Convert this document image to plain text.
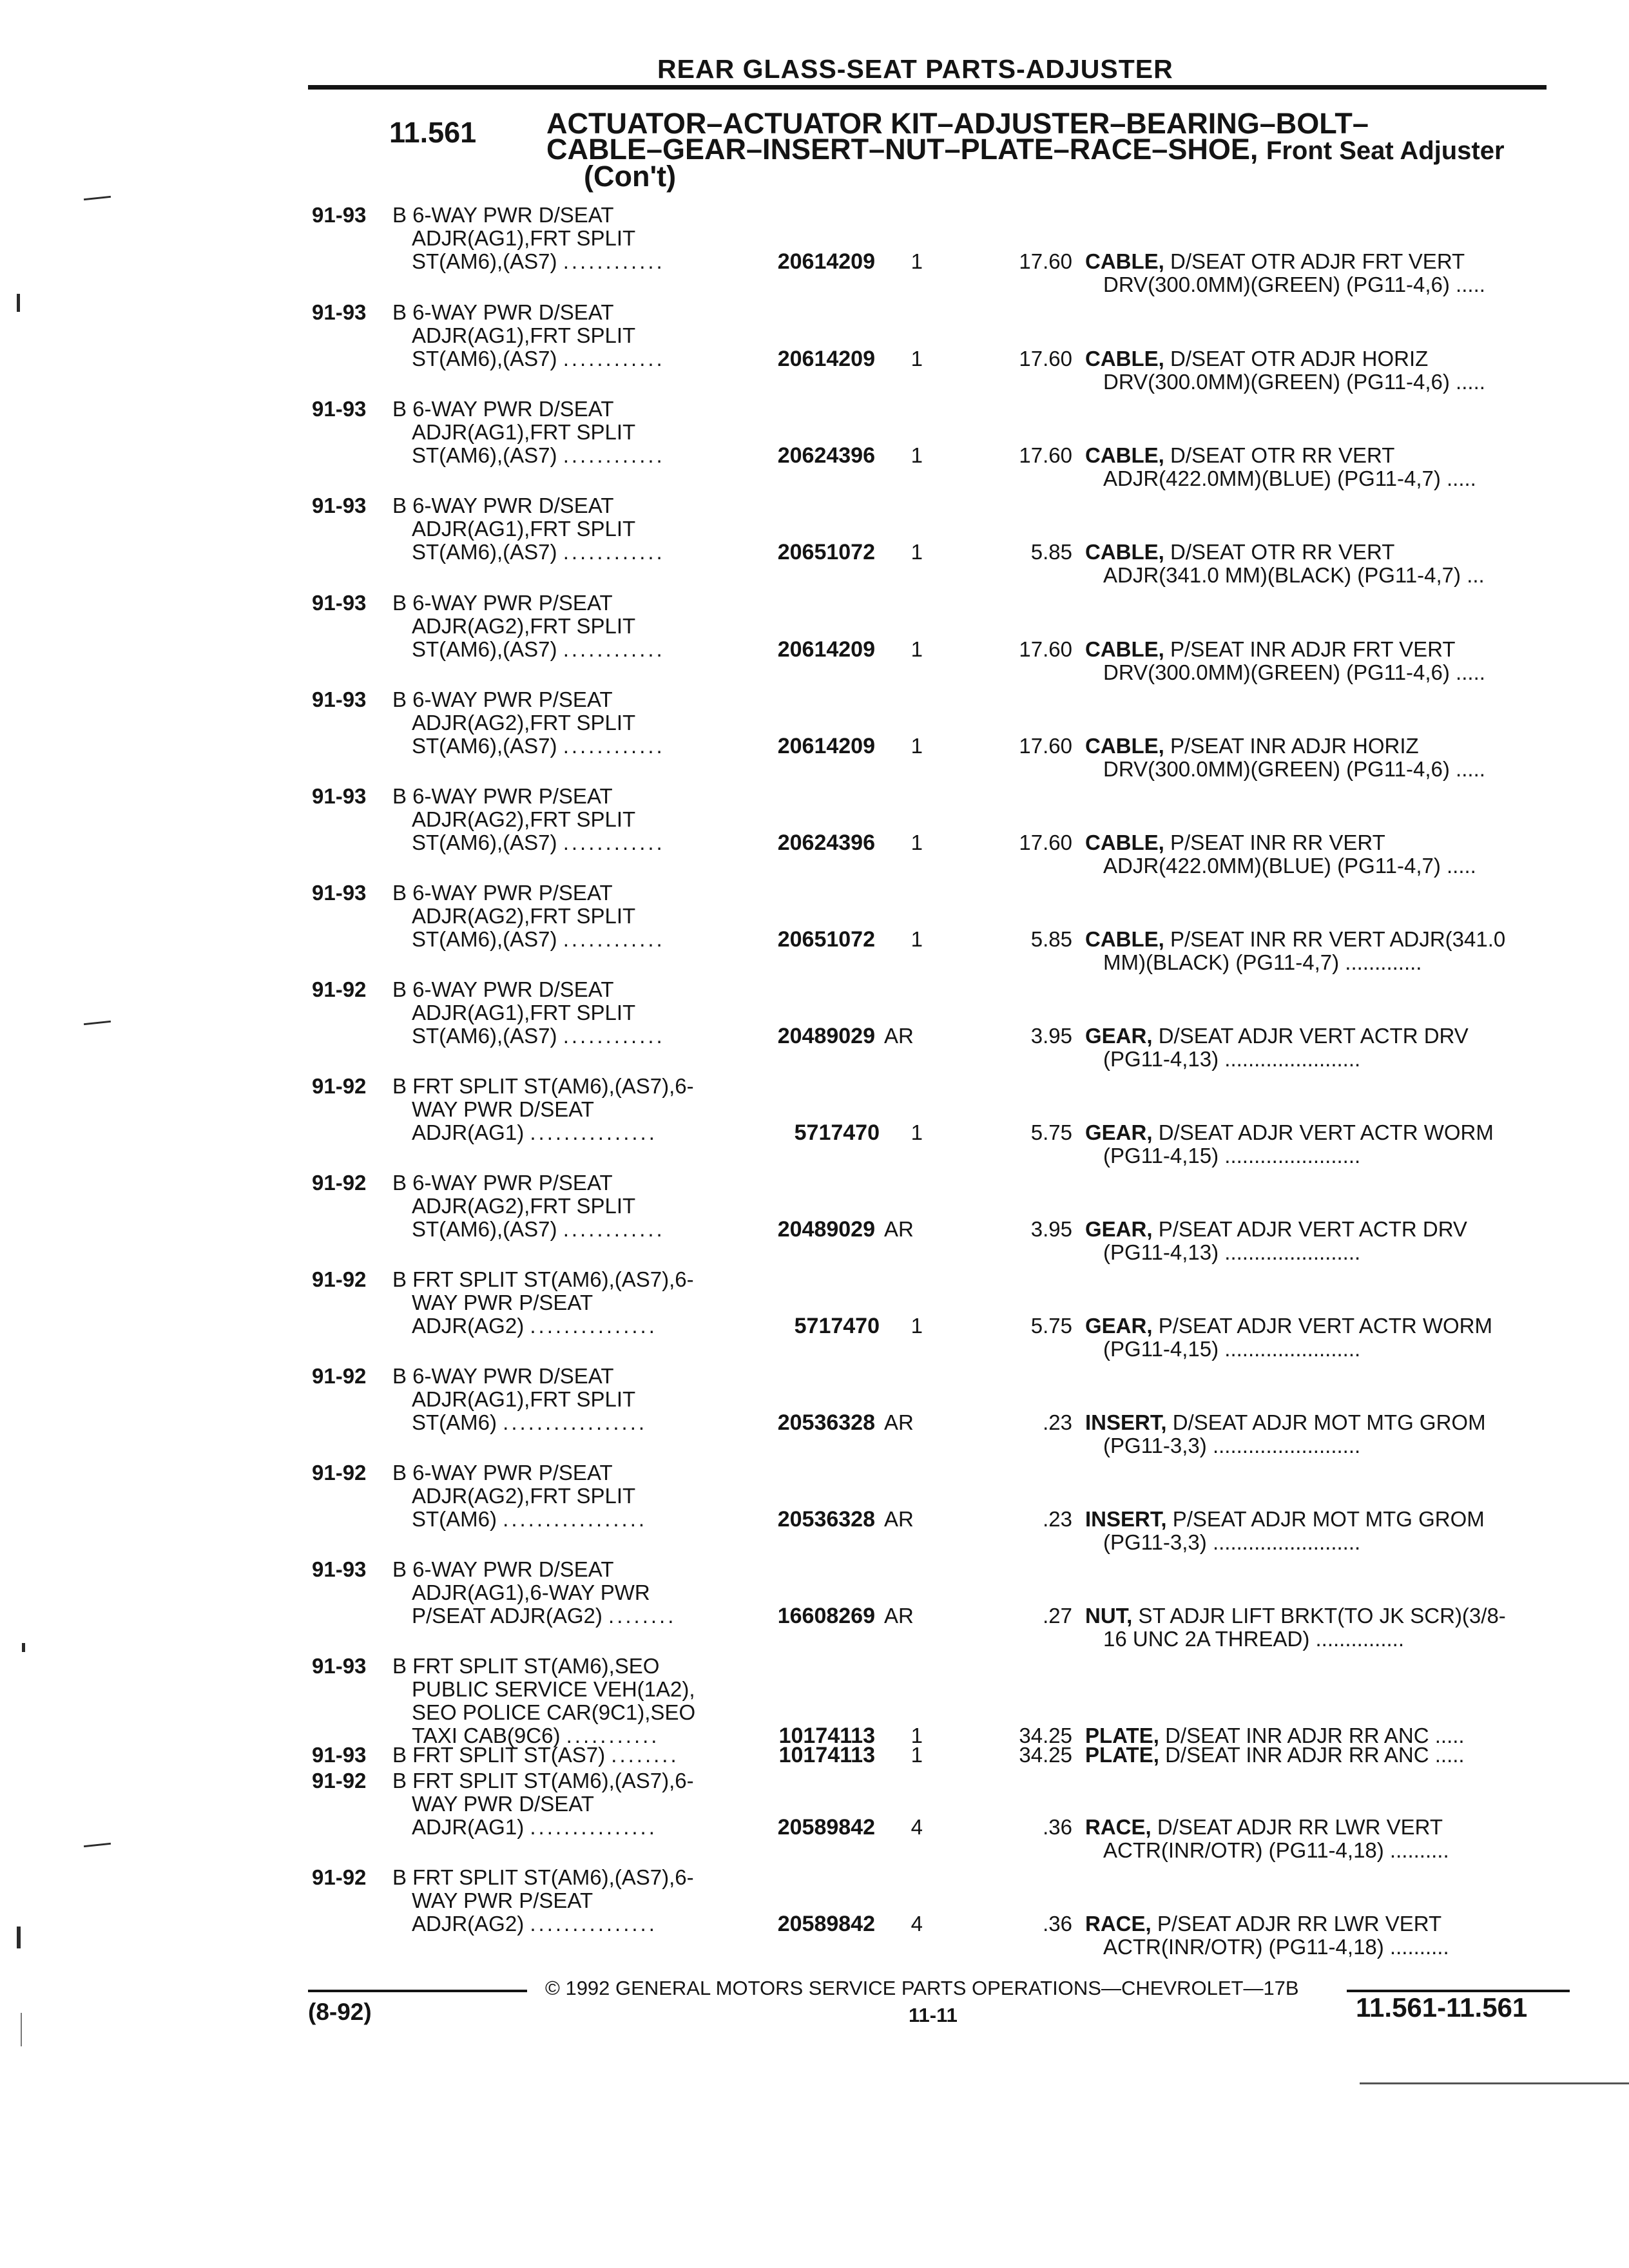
REAR GLASS-SEAT PARTS-ADJUSTER
11.561 ACTUATOR–ACTUATOR KIT–ADJUSTER–BEARING–BOLT–
CABLE–GEAR–INSERT–NUT–PLATE–RACE–SHOE, Front Seat Adjuster
(Con't)
91-93 B 6-WAY PWR D/SEAT
ADJR(AG1),FRT SPLIT
ST(AM6),(AS7) ............	20614209	1	17.60 CABLE, D/SEAT OTR ADJR FRT VERT
DRV(300.0MM)(GREEN) (PG11-4,6) .....
91-93 B 6-WAY PWR D/SEAT
ADJR(AG1),FRT SPLIT
ST(AM6),(AS7) ............	20614209	1	17.60 CABLE, D/SEAT OTR ADJR HORIZ
DRV(300.0MM)(GREEN) (PG11-4,6) .....
91-93 B 6-WAY PWR D/SEAT
ADJR(AG1),FRT SPLIT
ST(AM6),(AS7) ............	20624396	1	17.60 CABLE, D/SEAT OTR RR VERT
ADJR(422.0MM)(BLUE) (PG11-4,7) .....
91-93 B 6-WAY PWR D/SEAT
ADJR(AG1),FRT SPLIT
ST(AM6),(AS7) ............	20651072	1	5.85 CABLE, D/SEAT OTR RR VERT
ADJR(341.0 MM)(BLACK) (PG11-4,7) ...
91-93 B 6-WAY PWR P/SEAT
ADJR(AG2),FRT SPLIT
ST(AM6),(AS7) ............	20614209	1	17.60 CABLE, P/SEAT INR ADJR FRT VERT
DRV(300.0MM)(GREEN) (PG11-4,6) .....
91-93 B 6-WAY PWR P/SEAT
ADJR(AG2),FRT SPLIT
ST(AM6),(AS7) ............	20614209	1	17.60 CABLE, P/SEAT INR ADJR HORIZ
DRV(300.0MM)(GREEN) (PG11-4,6) .....
91-93 B 6-WAY PWR P/SEAT
ADJR(AG2),FRT SPLIT
ST(AM6),(AS7) ............	20624396	1	17.60 CABLE, P/SEAT INR RR VERT
ADJR(422.0MM)(BLUE) (PG11-4,7) .....
91-93 B 6-WAY PWR P/SEAT
ADJR(AG2),FRT SPLIT
ST(AM6),(AS7) ............	20651072	1	5.85 CABLE, P/SEAT INR RR VERT ADJR(341.0
MM)(BLACK) (PG11-4,7) .............
91-92 B 6-WAY PWR D/SEAT
ADJR(AG1),FRT SPLIT
ST(AM6),(AS7) ............	20489029 AR	3.95 GEAR, D/SEAT ADJR VERT ACTR DRV
(PG11-4,13) .......................
91-92 B FRT SPLIT ST(AM6),(AS7),6-
WAY PWR D/SEAT
ADJR(AG1) ...............	5717470	1	5.75 GEAR, D/SEAT ADJR VERT ACTR WORM
(PG11-4,15) .......................
91-92 B 6-WAY PWR P/SEAT
ADJR(AG2),FRT SPLIT
ST(AM6),(AS7) ............	20489029 AR	3.95 GEAR, P/SEAT ADJR VERT ACTR DRV
(PG11-4,13) .......................
91-92 B FRT SPLIT ST(AM6),(AS7),6-
WAY PWR P/SEAT
ADJR(AG2) ...............	5717470	1	5.75 GEAR, P/SEAT ADJR VERT ACTR WORM
(PG11-4,15) .......................
91-92 B 6-WAY PWR D/SEAT
ADJR(AG1),FRT SPLIT
ST(AM6) .................	20536328 AR	.23 INSERT, D/SEAT ADJR MOT MTG GROM
(PG11-3,3) .........................
91-92 B 6-WAY PWR P/SEAT
ADJR(AG2),FRT SPLIT
ST(AM6) .................	20536328 AR	.23 INSERT, P/SEAT ADJR MOT MTG GROM
(PG11-3,3) .........................
91-93 B 6-WAY PWR D/SEAT
ADJR(AG1),6-WAY PWR
P/SEAT ADJR(AG2) ........	16608269 AR	.27 NUT, ST ADJR LIFT BRKT(TO JK SCR)(3/8-
16 UNC 2A THREAD) ...............
91-93 B FRT SPLIT ST(AM6),SEO
PUBLIC SERVICE VEH(1A2),
SEO POLICE CAR(9C1),SEO
TAXI CAB(9C6) ...........	10174113	1	34.25 PLATE, D/SEAT INR ADJR RR ANC .....
91-93 B FRT SPLIT ST(AS7) ........	10174113	1	34.25 PLATE, D/SEAT INR ADJR RR ANC .....
91-92 B FRT SPLIT ST(AM6),(AS7),6-
WAY PWR D/SEAT
ADJR(AG1) ...............	20589842	4	.36 RACE, D/SEAT ADJR RR LWR VERT
ACTR(INR/OTR) (PG11-4,18) ..........
91-92 B FRT SPLIT ST(AM6),(AS7),6-
WAY PWR P/SEAT
ADJR(AG2) ...............	20589842	4	.36 RACE, P/SEAT ADJR RR LWR VERT
ACTR(INR/OTR) (PG11-4,18) ..........
© 1992 GENERAL MOTORS SERVICE PARTS OPERATIONS—CHEVROLET—17B
(8-92)	11-11	11.561-11.561
